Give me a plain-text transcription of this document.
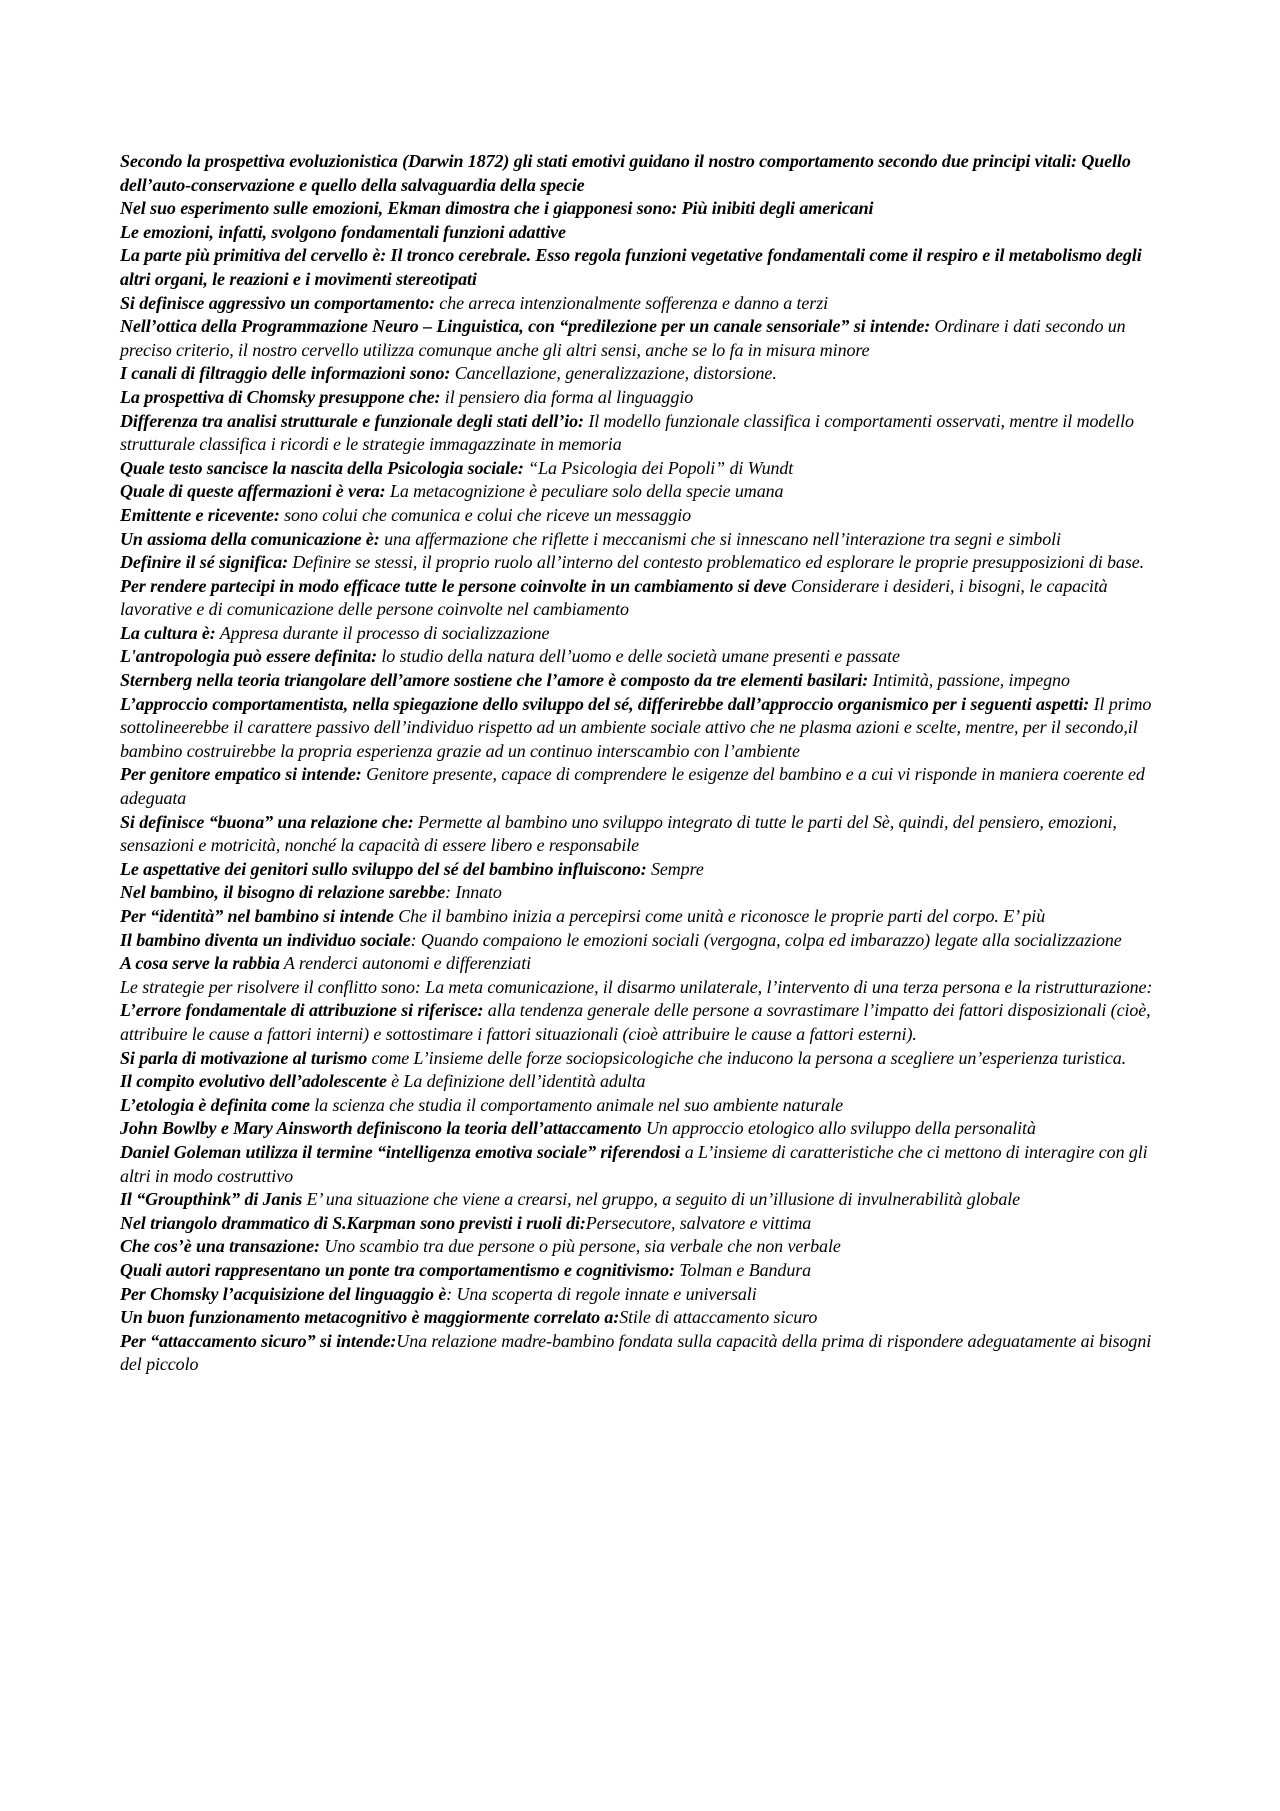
Secondo la prospettiva evoluzionistica (Darwin 1872) gli stati emotivi guidano il nostro comportamento secondo due principi vitali: Quello dell’auto-conservazione e quello della salvaguardia della specie

Nel suo esperimento sulle emozioni, Ekman dimostra che i giapponesi sono: Più inibiti degli americani

Le emozioni, infatti, svolgono fondamentali funzioni adattive

La parte più primitiva del cervello è: Il tronco cerebrale. Esso regola funzioni vegetative fondamentali come il respiro e il metabolismo degli altri organi, le reazioni e i movimenti stereotipati

Si definisce aggressivo un comportamento: che arreca intenzionalmente sofferenza e danno a terzi

Nell’ottica della Programmazione Neuro – Linguistica, con “predilezione per un canale sensoriale” si intende: Ordinare i dati secondo un preciso criterio, il nostro cervello utilizza comunque anche gli altri sensi, anche se lo fa in misura minore

I canali di filtraggio delle informazioni sono: Cancellazione, generalizzazione, distorsione.

La prospettiva di Chomsky presuppone che: il pensiero dia forma al linguaggio

Differenza tra analisi strutturale e funzionale degli stati dell’io: Il modello funzionale classifica i comportamenti osservati, mentre il modello strutturale classifica i ricordi e le strategie immagazzinate in memoria

Quale testo sancisce la nascita della Psicologia sociale: “La Psicologia dei Popoli” di Wundt

Quale di queste affermazioni è vera: La metacognizione è peculiare solo della specie umana

Emittente e ricevente: sono colui che comunica e colui che riceve un messaggio

Un assioma della comunicazione è: una affermazione che riflette i meccanismi che si innescano nell’interazione tra segni e simboli

Definire il sé significa: Definire se stessi, il proprio ruolo all’interno del contesto problematico ed esplorare le proprie presupposizioni di base.

Per rendere partecipi in modo efficace tutte le persone coinvolte in un cambiamento si deve Considerare i desideri, i bisogni, le capacità lavorative e di comunicazione delle persone coinvolte nel cambiamento

La cultura è: Appresa durante il processo di socializzazione

L'antropologia può essere definita: lo studio della natura dell’uomo e delle società umane presenti e passate

Sternberg nella teoria triangolare dell’amore sostiene che l’amore è composto da tre elementi basilari: Intimità, passione, impegno

L’approccio comportamentista, nella spiegazione dello sviluppo del sé, differirebbe dall’approccio organismico per i seguenti aspetti: Il primo sottolineerebbe il carattere passivo dell’individuo rispetto ad un ambiente sociale attivo che ne plasma azioni e scelte, mentre, per il secondo,il bambino costruirebbe la propria esperienza grazie ad un continuo interscambio con l’ambiente

Per genitore empatico si intende: Genitore presente, capace di comprendere le esigenze del bambino e a cui vi risponde in maniera coerente ed adeguata

Si definisce “buona” una relazione che: Permette al bambino uno sviluppo integrato di tutte le parti del Sè, quindi, del pensiero, emozioni, sensazioni e motricità, nonché la capacità di essere libero e responsabile

Le aspettative dei genitori sullo sviluppo del sé del bambino influiscono: Sempre

Nel bambino, il bisogno di relazione sarebbe: Innato

Per “identità” nel bambino si intende Che il bambino inizia a percepirsi come unità e riconosce le proprie parti del corpo. E’ più

Il bambino diventa un individuo sociale: Quando compaiono le emozioni sociali (vergogna, colpa ed imbarazzo) legate alla socializzazione

A cosa serve la rabbia A renderci autonomi e differenziati

Le strategie per risolvere il conflitto sono: La meta comunicazione, il disarmo unilaterale, l’intervento di una terza persona e la ristrutturazione:

L’errore fondamentale di attribuzione si riferisce: alla tendenza generale delle persone a sovrastimare l’impatto dei fattori disposizionali (cioè, attribuire le cause a fattori interni) e sottostimare i fattori situazionali (cioè attribuire le cause a fattori esterni).

Si parla di motivazione al turismo come L’insieme delle forze sociopsicologiche che inducono la persona a scegliere un’esperienza turistica.

Il compito evolutivo dell’adolescente è La definizione dell’identità adulta

L’etologia è definita come la scienza che studia il comportamento animale nel suo ambiente naturale

John Bowlby e Mary Ainsworth definiscono la teoria dell’attaccamento Un approccio etologico allo sviluppo della personalità

Daniel Goleman utilizza il termine “intelligenza emotiva sociale” riferendosi a L’insieme di caratteristiche che ci mettono di interagire con gli altri in modo costruttivo

Il “Groupthink” di Janis E’ una situazione che viene a crearsi, nel gruppo, a seguito di un’illusione di invulnerabilità globale

Nel triangolo drammatico di S.Karpman sono previsti i ruoli di:Persecutore, salvatore e vittima

Che cos’è una transazione: Uno scambio tra due persone o più persone, sia verbale che non verbale

Quali autori rappresentano un ponte tra comportamentismo e cognitivismo: Tolman e Bandura

Per Chomsky l’acquisizione del linguaggio è: Una scoperta di regole innate e universali

Un buon funzionamento metacognitivo è maggiormente correlato a:Stile di attaccamento sicuro

Per “attaccamento sicuro” si intende:Una relazione madre-bambino fondata sulla capacità della prima di rispondere adeguatamente ai bisogni del piccolo
